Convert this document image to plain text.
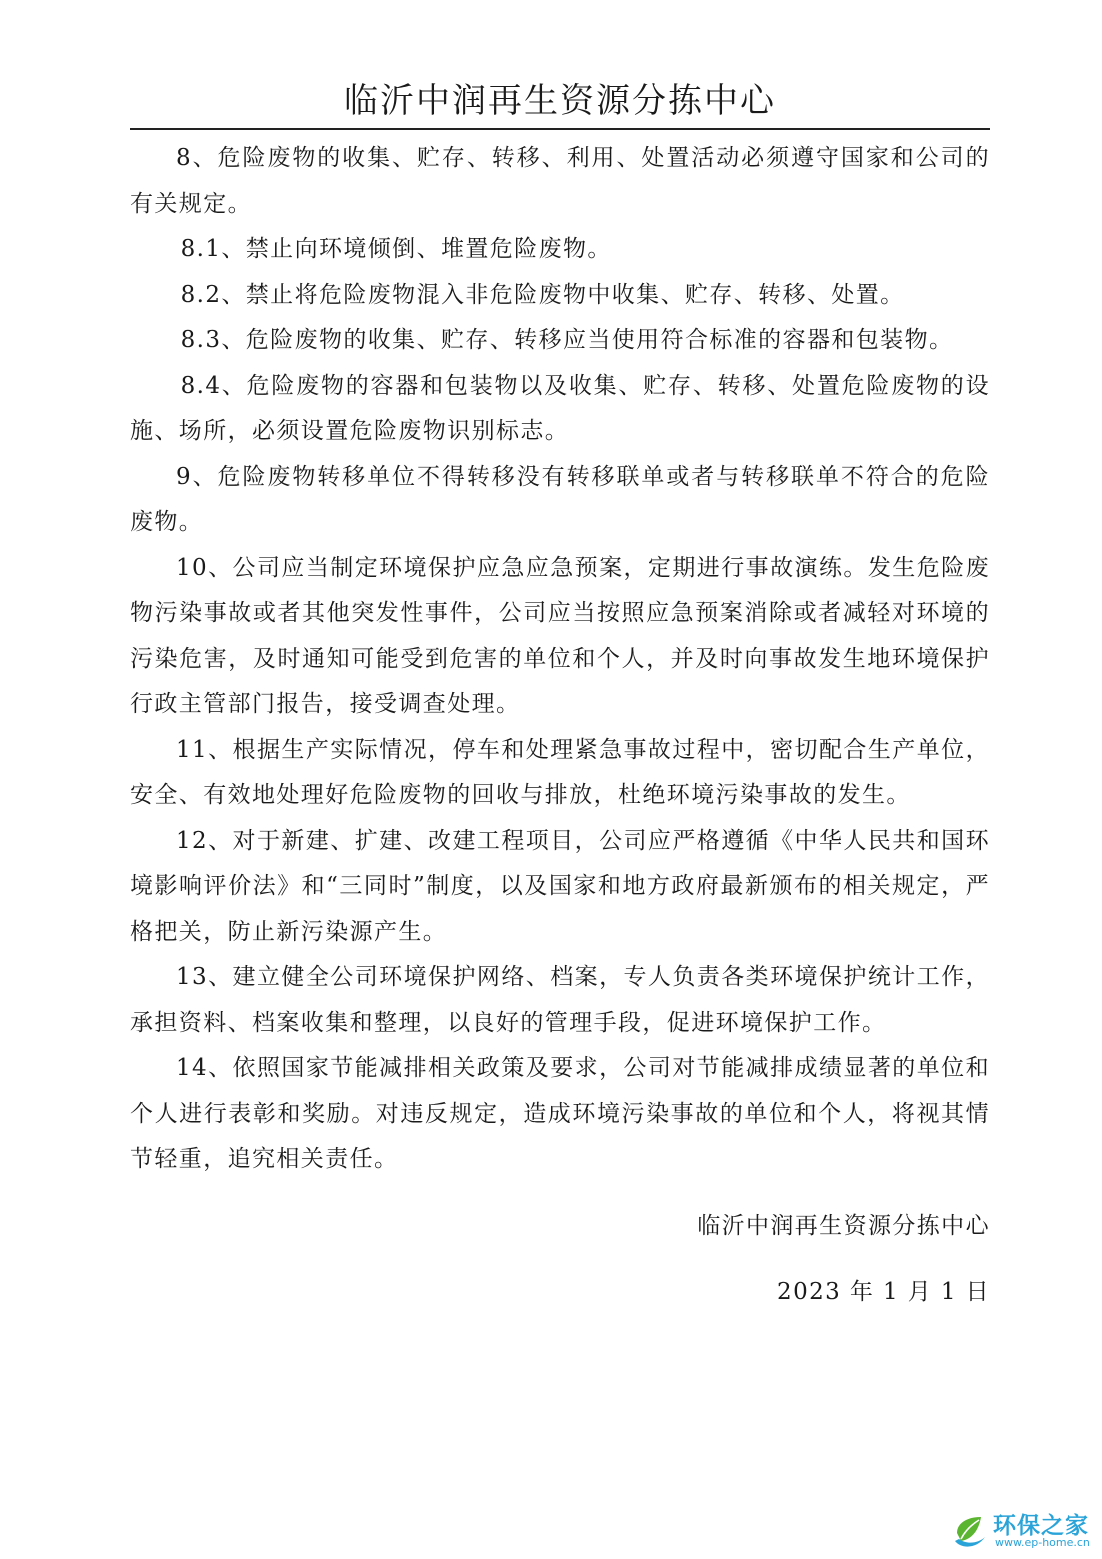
临沂中润再生资源分拣中心

8、危险废物的收集、贮存、转移、利用、处置活动必须遵守国家和公司的有关规定。

8.1、禁止向环境倾倒、堆置危险废物。

8.2、禁止将危险废物混入非危险废物中收集、贮存、转移、处置。

8.3、危险废物的收集、贮存、转移应当使用符合标准的容器和包装物。

8.4、危险废物的容器和包装物以及收集、贮存、转移、处置危险废物的设施、场所，必须设置危险废物识别标志。

9、危险废物转移单位不得转移没有转移联单或者与转移联单不符合的危险废物。

10、公司应当制定环境保护应急应急预案，定期进行事故演练。发生危险废物污染事故或者其他突发性事件，公司应当按照应急预案消除或者减轻对环境的污染危害，及时通知可能受到危害的单位和个人，并及时向事故发生地环境保护行政主管部门报告，接受调查处理。

11、根据生产实际情况，停车和处理紧急事故过程中，密切配合生产单位，安全、有效地处理好危险废物的回收与排放，杜绝环境污染事故的发生。

12、对于新建、扩建、改建工程项目，公司应严格遵循《中华人民共和国环境影响评价法》和“三同时”制度，以及国家和地方政府最新颁布的相关规定，严格把关，防止新污染源产生。

13、建立健全公司环境保护网络、档案，专人负责各类环境保护统计工作，承担资料、档案收集和整理，以良好的管理手段，促进环境保护工作。

14、依照国家节能减排相关政策及要求，公司对节能减排成绩显著的单位和个人进行表彰和奖励。对违反规定，造成环境污染事故的单位和个人，将视其情节轻重，追究相关责任。

临沂中润再生资源分拣中心
2023 年 1 月 1 日
环保之家
www.ep-home.cn
